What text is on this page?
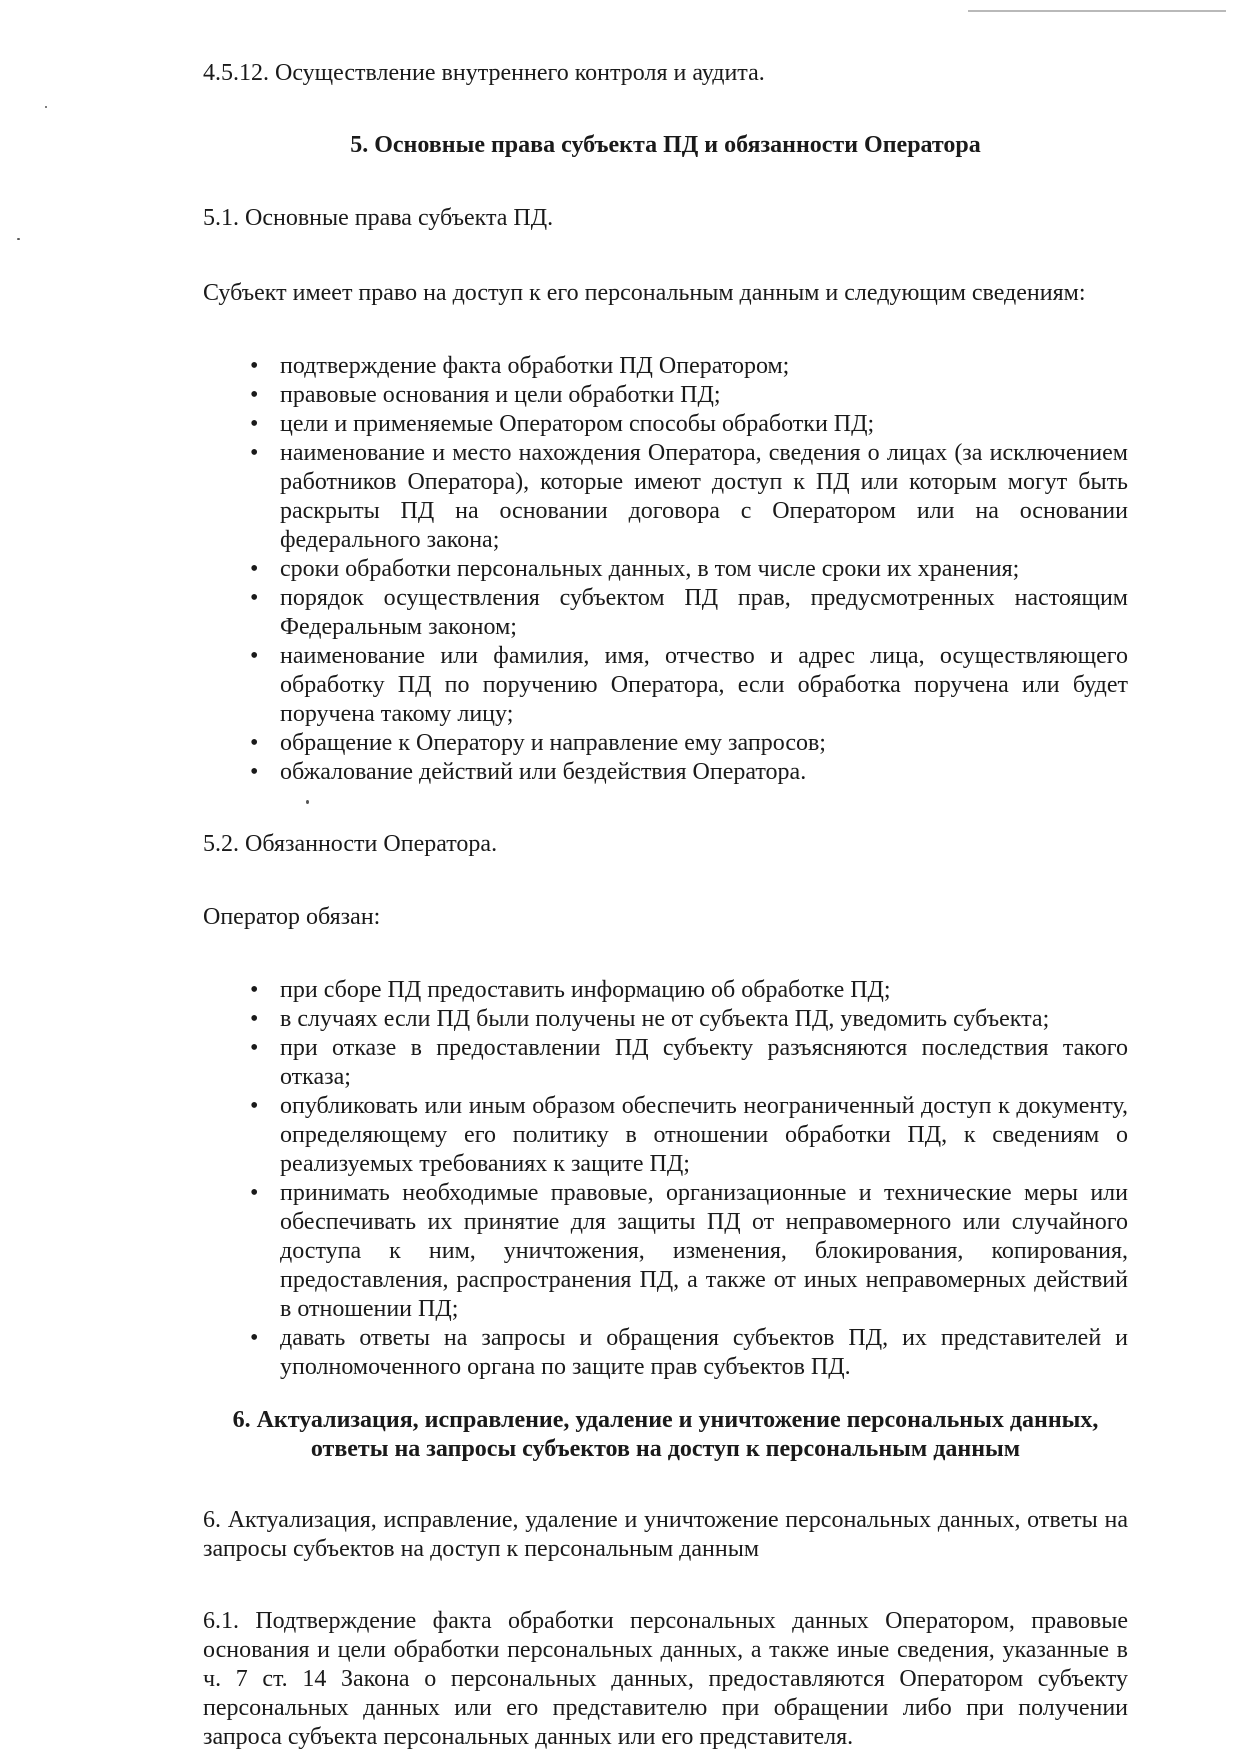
4.5.12. Осуществление внутреннего контроля и аудита.

5. Основные права субъекта ПД и обязанности Оператора

5.1. Основные права субъекта ПД.

Субъект имеет право на доступ к его персональным данным и следующим сведениям:

• подтверждение факта обработки ПД Оператором;
• правовые основания и цели обработки ПД;
• цели и применяемые Оператором способы обработки ПД;
• наименование и место нахождения Оператора, сведения о лицах (за исключением работников Оператора), которые имеют доступ к ПД или которым могут быть раскрыты ПД на основании договора с Оператором или на основании федерального закона;
• сроки обработки персональных данных, в том числе сроки их хранения;
• порядок осуществления субъектом ПД прав, предусмотренных настоящим Федеральным законом;
• наименование или фамилия, имя, отчество и адрес лица, осуществляющего обработку ПД по поручению Оператора, если обработка поручена или будет поручена такому лицу;
• обращение к Оператору и направление ему запросов;
• обжалование действий или бездействия Оператора.

5.2. Обязанности Оператора.

Оператор обязан:

• при сборе ПД предоставить информацию об обработке ПД;
• в случаях если ПД были получены не от субъекта ПД, уведомить субъекта;
• при отказе в предоставлении ПД субъекту разъясняются последствия такого отказа;
• опубликовать или иным образом обеспечить неограниченный доступ к документу, определяющему его политику в отношении обработки ПД, к сведениям о реализуемых требованиях к защите ПД;
• принимать необходимые правовые, организационные и технические меры или обеспечивать их принятие для защиты ПД от неправомерного или случайного доступа к ним, уничтожения, изменения, блокирования, копирования, предоставления, распространения ПД, а также от иных неправомерных действий в отношении ПД;
• давать ответы на запросы и обращения субъектов ПД, их представителей и уполномоченного органа по защите прав субъектов ПД.

6. Актуализация, исправление, удаление и уничтожение персональных данных,

ответы на запросы субъектов на доступ к персональным данным

6. Актуализация, исправление, удаление и уничтожение персональных данных, ответы на запросы субъектов на доступ к персональным данным

6.1. Подтверждение факта обработки персональных данных Оператором, правовые основания и цели обработки персональных данных, а также иные сведения, указанные в ч. 7 ст. 14 Закона о персональных данных, предоставляются Оператором субъекту персональных данных или его представителю при обращении либо при получении запроса субъекта персональных данных или его представителя.
